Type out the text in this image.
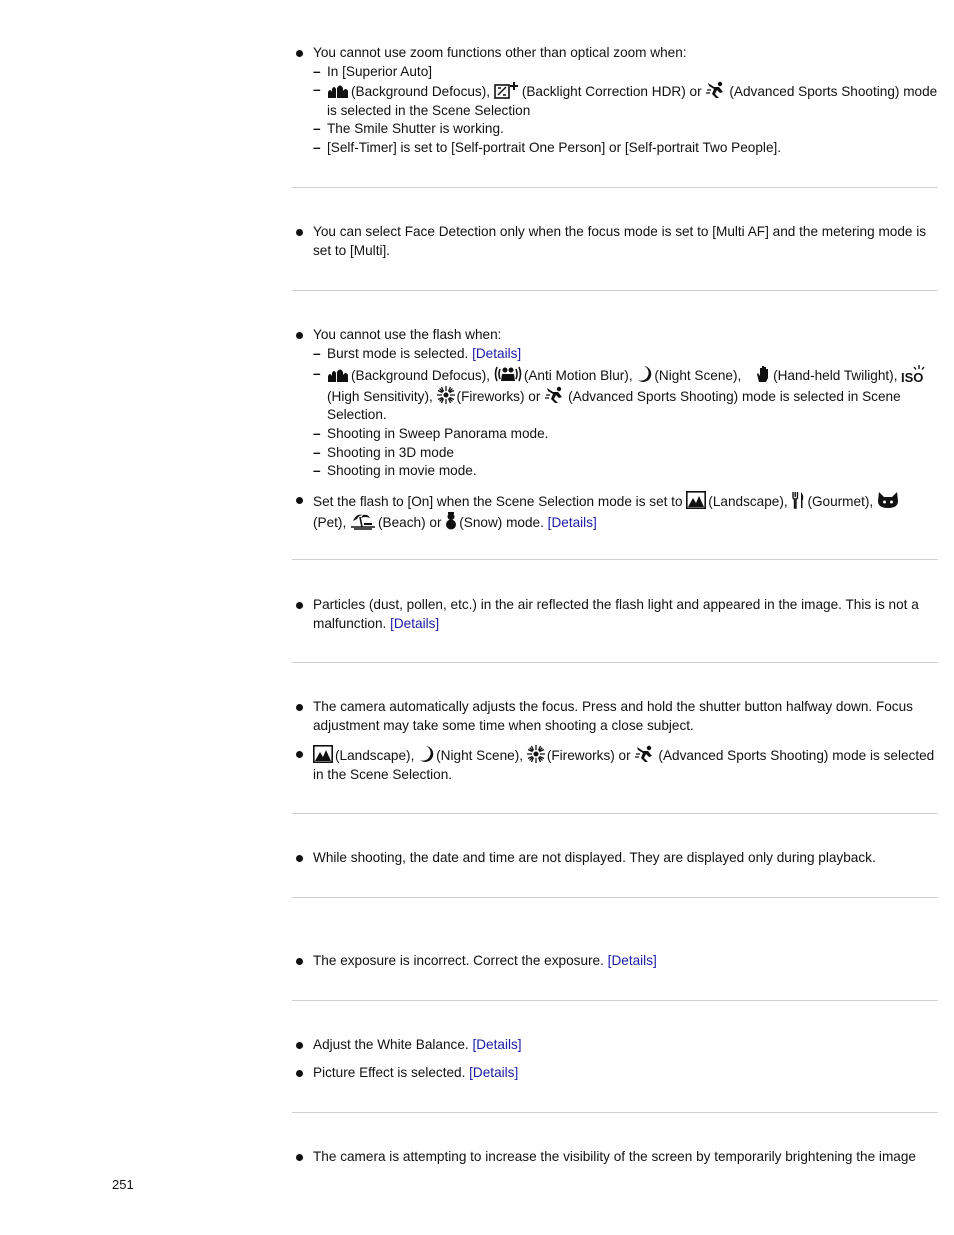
You cannot use zoom functions other than optical zoom when:
– In [Superior Auto]
– (Background Defocus), (Backlight Correction HDR) or (Advanced Sports Shooting) mode is selected in the Scene Selection
– The Smile Shutter is working.
– [Self-Timer] is set to [Self-portrait One Person] or [Self-portrait Two People].
You can select Face Detection only when the focus mode is set to [Multi AF] and the metering mode is set to [Multi].
You cannot use the flash when:
– Burst mode is selected. [Details]
– (Background Defocus), (Anti Motion Blur), (Night Scene), (Hand-held Twilight),
(High Sensitivity), (Fireworks) or (Advanced Sports Shooting) mode is selected in Scene Selection.
– Shooting in Sweep Panorama mode.
– Shooting in 3D mode
– Shooting in movie mode.
Set the flash to [On] when the Scene Selection mode is set to (Landscape), (Gourmet),

(Pet), (Beach) or (Snow) mode. [Details]
Particles (dust, pollen, etc.) in the air reflected the flash light and appeared in the image. This is not a malfunction. [Details]
The camera automatically adjusts the focus. Press and hold the shutter button halfway down. Focus adjustment may take some time when shooting a close subject.
(Landscape), (Night Scene), (Fireworks) or (Advanced Sports Shooting) mode is selected in the Scene Selection.
While shooting, the date and time are not displayed. They are displayed only during playback.
The exposure is incorrect. Correct the exposure. [Details]
Adjust the White Balance. [Details]
Picture Effect is selected. [Details]
The camera is attempting to increase the visibility of the screen by temporarily brightening the image
251
